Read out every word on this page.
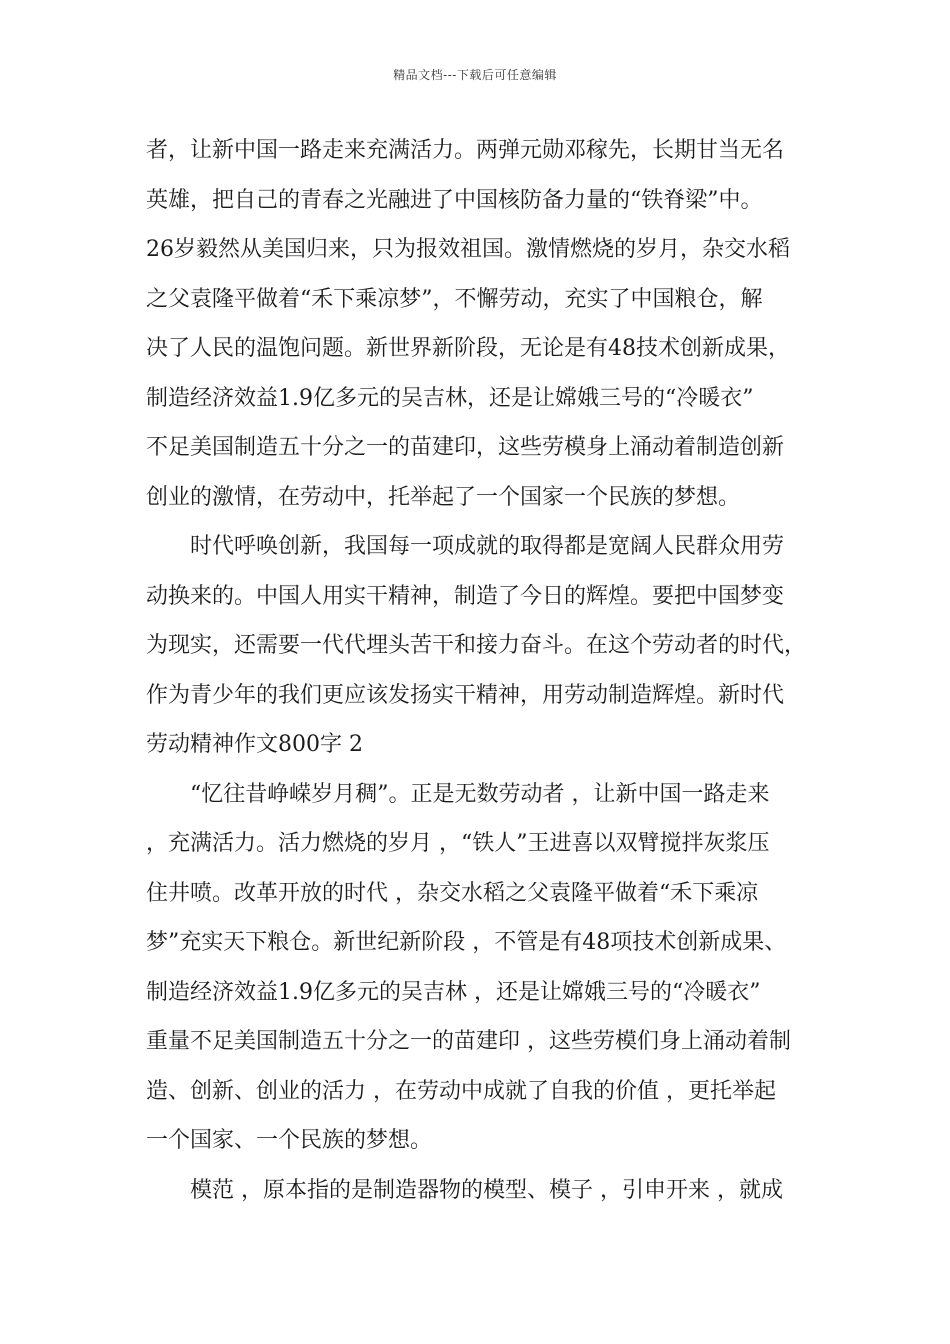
精品文档---下载后可任意编辑
者，让新中国一路走来充满活力。两弹元勋邓稼先，长期甘当无名
英雄，把自己的青春之光融进了中国核防备力量的“铁脊梁”中。
26岁毅然从美国归来，只为报效祖国。激情燃烧的岁月，杂交水稻
之父袁隆平做着“禾下乘凉梦”，不懈劳动，充实了中国粮仓，解
决了人民的温饱问题。新世界新阶段，无论是有48技术创新成果，
制造经济效益1.9亿多元的吴吉林，还是让嫦娥三号的“冷暖衣”
不足美国制造五十分之一的苗建印，这些劳模身上涌动着制造创新
创业的激情，在劳动中，托举起了一个国家一个民族的梦想。
时代呼唤创新，我国每一项成就的取得都是宽阔人民群众用劳
动换来的。中国人用实干精神，制造了今日的辉煌。要把中国梦变
为现实，还需要一代代埋头苦干和接力奋斗。在这个劳动者的时代，
作为青少年的我们更应该发扬实干精神，用劳动制造辉煌。新时代
劳动精神作文800字 2
“忆往昔峥嵘岁月稠”。正是无数劳动者 ，让新中国一路走来
，充满活力。活力燃烧的岁月 ，“铁人”王进喜以双臂搅拌灰浆压
住井喷。改革开放的时代 ，杂交水稻之父袁隆平做着“禾下乘凉
梦”充实天下粮仓。新世纪新阶段 ，不管是有48项技术创新成果、
制造经济效益1.9亿多元的吴吉林 ，还是让嫦娥三号的“冷暖衣”
重量不足美国制造五十分之一的苗建印 ，这些劳模们身上涌动着制
造、创新、创业的活力 ，在劳动中成就了自我的价值 ，更托举起
一个国家、一个民族的梦想。
模范 ，原本指的是制造器物的模型、模子 ，引申开来 ，就成
